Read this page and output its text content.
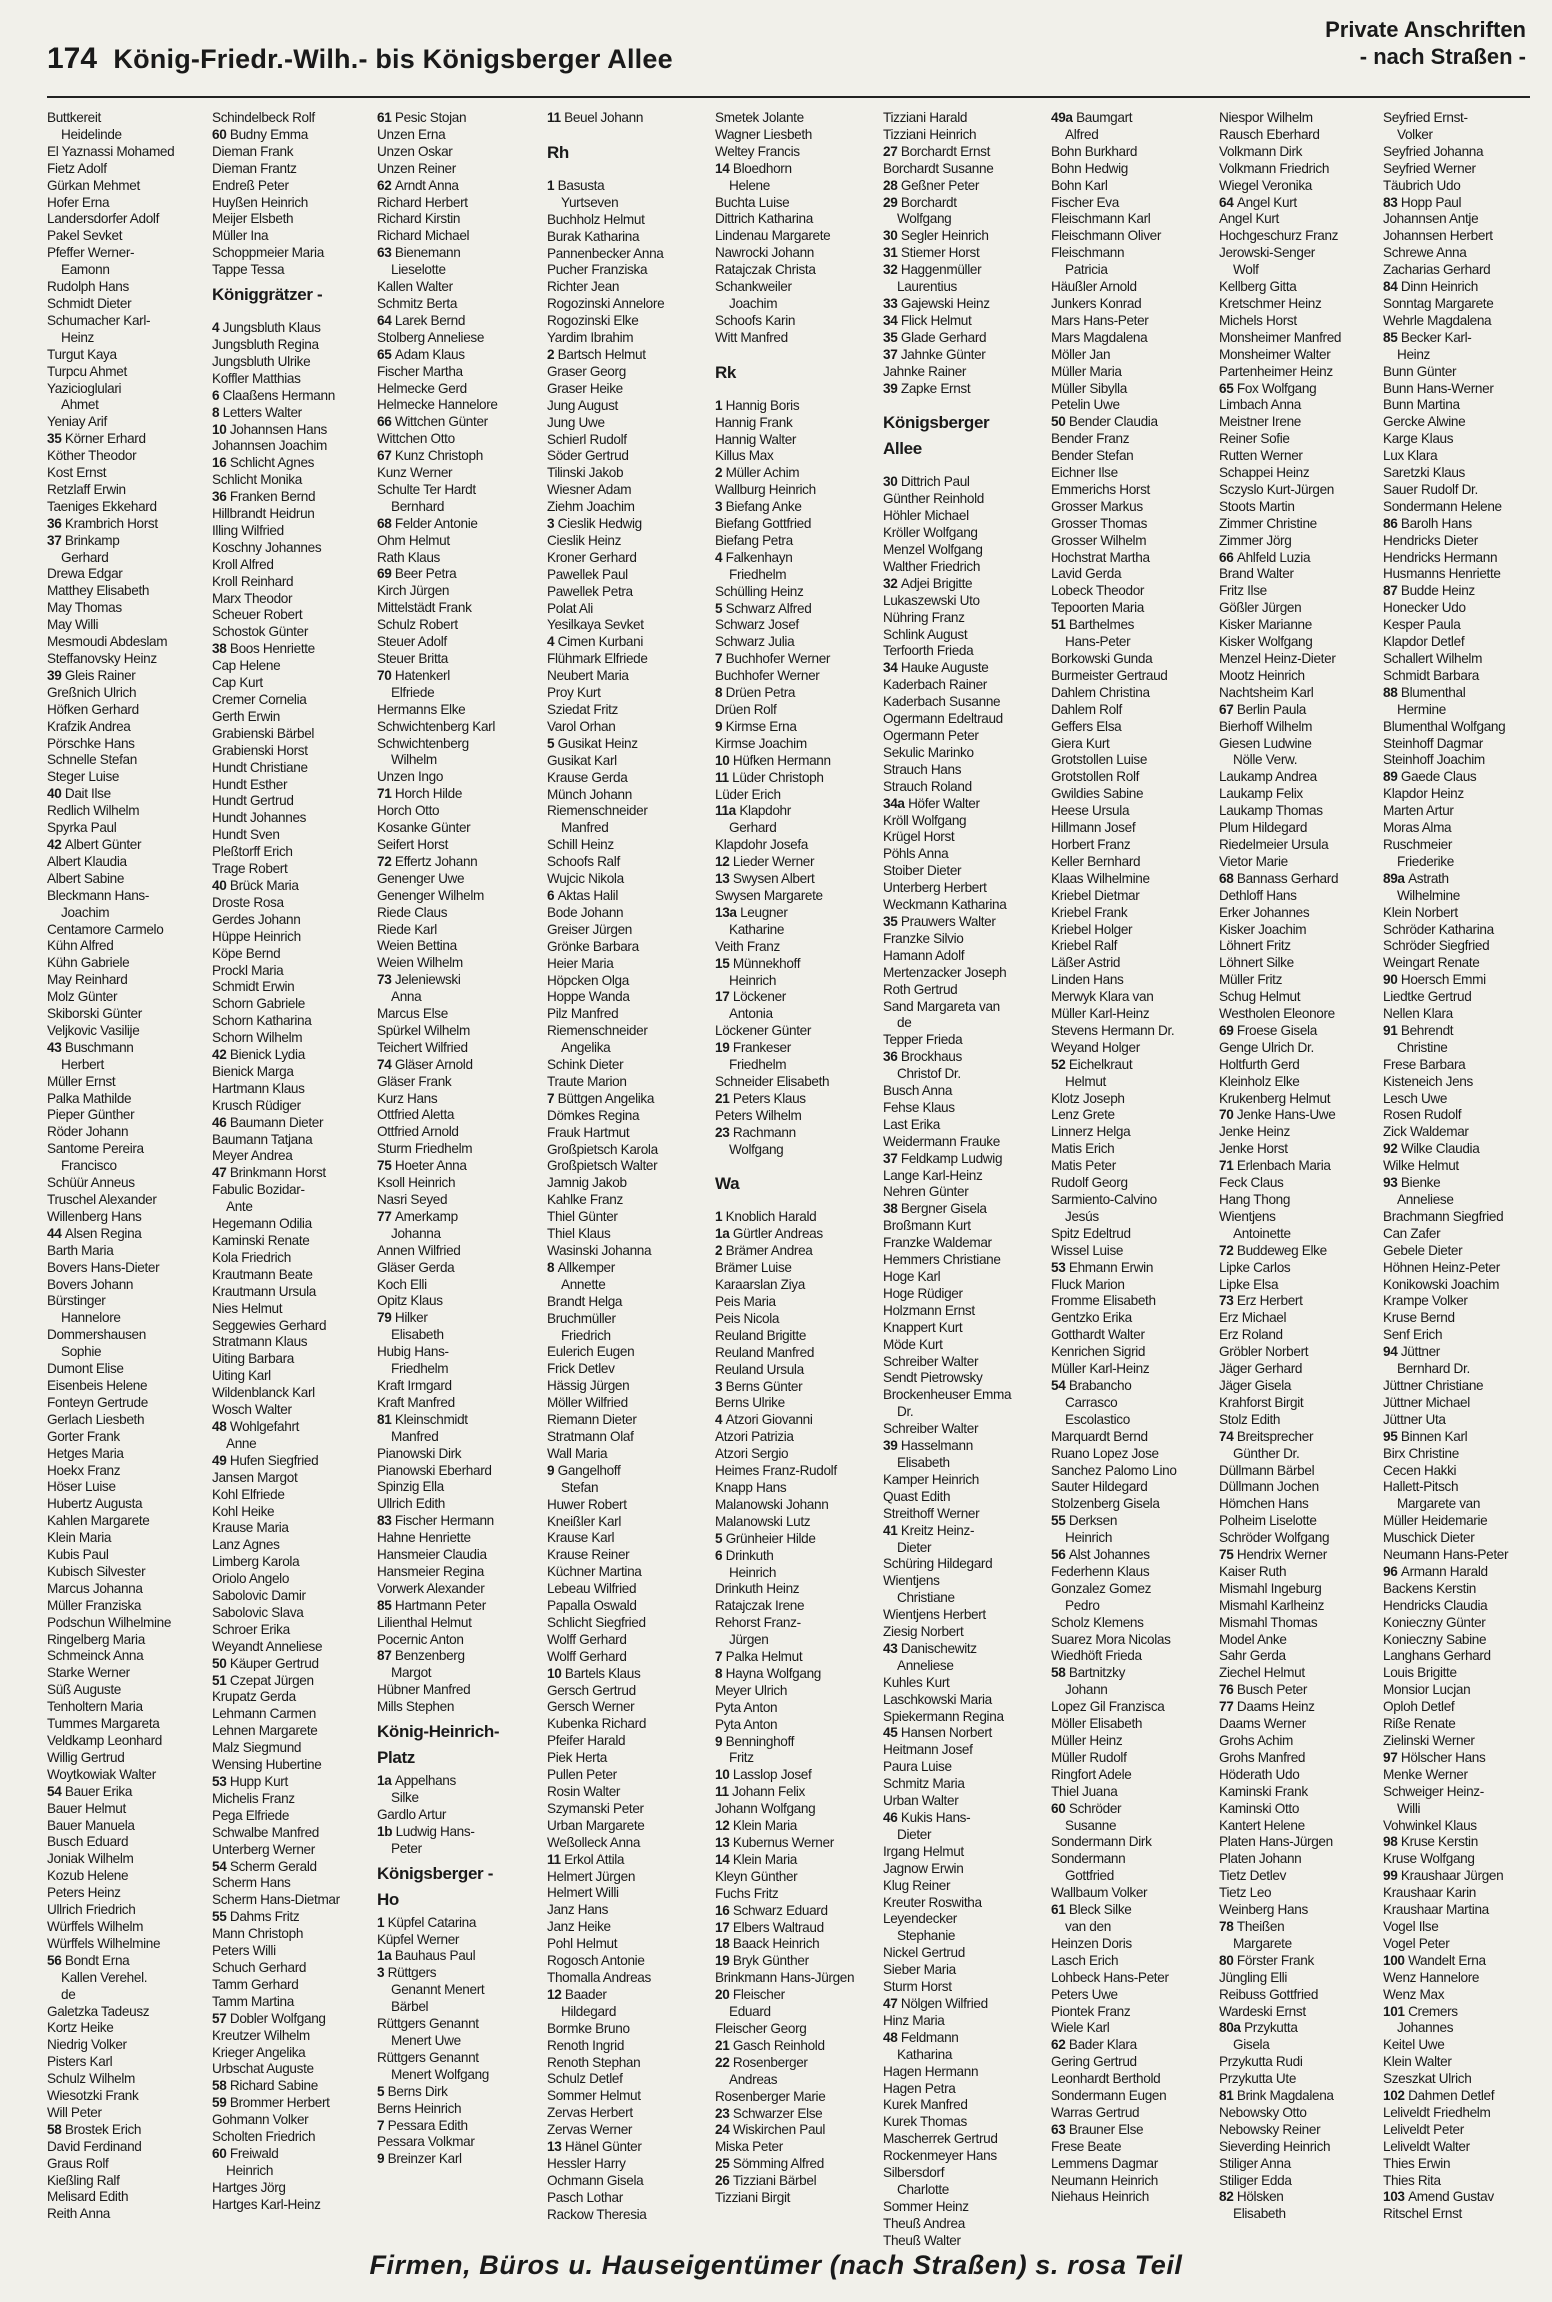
174 König-Friedr.-Wilh.- bis Königsberger Allee
Private Anschriften
- nach Straßen -
Buttkereit
Heidelinde
El Yaznassi Mohamed
Fietz Adolf
Gürkan Mehmet
Hofer Erna
Landersdorfer Adolf
Pakel Sevket
Pfeffer Werner-
Eamonn
Rudolph Hans
Schmidt Dieter
Schumacher Karl-
Heinz
Turgut Kaya
Turpcu Ahmet
Yazicioglulari
Ahmet
Yeniay Arif
35 Körner Erhard
Köther Theodor
Kost Ernst
Retzlaff Erwin
Taeniges Ekkehard
36 Krambrich Horst
37 Brinkamp
Gerhard
Drewa Edgar
Matthey Elisabeth
May Thomas
May Willi
Mesmoudi Abdeslam
Steffanovsky Heinz
39 Gleis Rainer
Greßnich Ulrich
Höfken Gerhard
Krafzik Andrea
Pörschke Hans
Schnelle Stefan
Steger Luise
40 Dait Ilse
Redlich Wilhelm
Spyrka Paul
42 Albert Günter
Albert Klaudia
Albert Sabine
Bleckmann Hans-
Joachim
Centamore Carmelo
Kühn Alfred
Kühn Gabriele
May Reinhard
Molz Günter
Skiborski Günter
Veljkovic Vasilije
43 Buschmann
Herbert
Müller Ernst
Palka Mathilde
Pieper Günther
Röder Johann
Santome Pereira
Francisco
Schüür Anneus
Truschel Alexander
Willenberg Hans
44 Alsen Regina
Barth Maria
Bovers Hans-Dieter
Bovers Johann
Bürstinger
Hannelore
Dommershausen
Sophie
Dumont Elise
Eisenbeis Helene
Fonteyn Gertrude
Gerlach Liesbeth
Gorter Frank
Hetges Maria
Hoekx Franz
Höser Luise
Hubertz Augusta
Kahlen Margarete
Klein Maria
Kubis Paul
Kubisch Silvester
Marcus Johanna
Müller Franziska
Podschun Wilhelmine
Ringelberg Maria
Schmeinck Anna
Starke Werner
Süß Auguste
Tenholtern Maria
Tummes Margareta
Veldkamp Leonhard
Willig Gertrud
Woytkowiak Walter
54 Bauer Erika
Bauer Helmut
Bauer Manuela
Busch Eduard
Joniak Wilhelm
Kozub Helene
Peters Heinz
Ullrich Friedrich
Würffels Wilhelm
Würffels Wilhelmine
56 Bondt Erna
Kallen Verehel.
de
Galetzka Tadeusz
Kortz Heike
Niedrig Volker
Pisters Karl
Schulz Wilhelm
Wiesotzki Frank
Will Peter
58 Brostek Erich
David Ferdinand
Graus Rolf
Kießling Ralf
Melisard Edith
Reith Anna
Schindelbeck Rolf
60 Budny Emma
Dieman Frank
Dieman Frantz
Endreß Peter
Huyßen Heinrich
Meijer Elsbeth
Müller Ina
Schoppmeier Maria
Tappe Tessa
Königgrätzer -
4 Jungsbluth Klaus
Jungsbluth Regina
Jungsbluth Ulrike
Koffler Matthias
6 Claaßens Hermann
8 Letters Walter
10 Johannsen Hans
Johannsen Joachim
16 Schlicht Agnes
Schlicht Monika
36 Franken Bernd
Hillbrandt Heidrun
Illing Wilfried
Koschny Johannes
Kroll Alfred
Kroll Reinhard
Marx Theodor
Scheuer Robert
Schostok Günter
38 Boos Henriette
Cap Helene
Cap Kurt
Cremer Cornelia
Gerth Erwin
Grabienski Bärbel
Grabienski Horst
Hundt Christiane
Hundt Esther
Hundt Gertrud
Hundt Johannes
Hundt Sven
Pleßtorff Erich
Trage Robert
40 Brück Maria
Droste Rosa
Gerdes Johann
Hüppe Heinrich
Köpe Bernd
Prockl Maria
Schmidt Erwin
Schorn Gabriele
Schorn Katharina
Schorn Wilhelm
42 Bienick Lydia
Bienick Marga
Hartmann Klaus
Krusch Rüdiger
46 Baumann Dieter
Baumann Tatjana
Meyer Andrea
47 Brinkmann Horst
Fabulic Bozidar-
Ante
Hegemann Odilia
Kaminski Renate
Kola Friedrich
Krautmann Beate
Krautmann Ursula
Nies Helmut
Seggewies Gerhard
Stratmann Klaus
Uiting Barbara
Uiting Karl
Wildenblanck Karl
Wosch Walter
48 Wohlgefahrt
Anne
49 Hufen Siegfried
Jansen Margot
Kohl Elfriede
Kohl Heike
Krause Maria
Lanz Agnes
Limberg Karola
Oriolo Angelo
Sabolovic Damir
Sabolovic Slava
Schroer Erika
Weyandt Anneliese
50 Käuper Gertrud
51 Czepat Jürgen
Krupatz Gerda
Lehmann Carmen
Lehnen Margarete
Malz Siegmund
Wensing Hubertine
53 Hupp Kurt
Michelis Franz
Pega Elfriede
Schwalbe Manfred
Unterberg Werner
54 Scherm Gerald
Scherm Hans
Scherm Hans-Dietmar
55 Dahms Fritz
Mann Christoph
Peters Willi
Schuch Gerhard
Tamm Gerhard
Tamm Martina
57 Dobler Wolfgang
Kreutzer Wilhelm
Krieger Angelika
Urbschat Auguste
58 Richard Sabine
59 Brommer Herbert
Gohmann Volker
Scholten Friedrich
60 Freiwald
Heinrich
Hartges Jörg
Hartges Karl-Heinz
61 Pesic Stojan
Unzen Erna
Unzen Oskar
Unzen Reiner
62 Arndt Anna
Richard Herbert
Richard Kirstin
Richard Michael
63 Bienemann
Lieselotte
Kallen Walter
Schmitz Berta
64 Larek Bernd
Stolberg Anneliese
65 Adam Klaus
Fischer Martha
Helmecke Gerd
Helmecke Hannelore
66 Wittchen Günter
Wittchen Otto
67 Kunz Christoph
Kunz Werner
Schulte Ter Hardt
Bernhard
68 Felder Antonie
Ohm Helmut
Rath Klaus
69 Beer Petra
Kirch Jürgen
Mittelstädt Frank
Schulz Robert
Steuer Adolf
Steuer Britta
70 Hatenkerl
Elfriede
Hermanns Elke
Schwichtenberg Karl
Schwichtenberg
Wilhelm
Unzen Ingo
71 Horch Hilde
Horch Otto
Kosanke Günter
Seifert Horst
72 Effertz Johann
Genenger Uwe
Genenger Wilhelm
Riede Claus
Riede Karl
Weien Bettina
Weien Wilhelm
73 Jeleniewski
Anna
Marcus Else
Spürkel Wilhelm
Teichert Wilfried
74 Gläser Arnold
Gläser Frank
Kurz Hans
Ottfried Aletta
Ottfried Arnold
Sturm Friedhelm
75 Hoeter Anna
Ksoll Heinrich
Nasri Seyed
77 Amerkamp
Johanna
Annen Wilfried
Gläser Gerda
Koch Elli
Opitz Klaus
79 Hilker
Elisabeth
Hubig Hans-
Friedhelm
Kraft Irmgard
Kraft Manfred
81 Kleinschmidt
Manfred
Pianowski Dirk
Pianowski Eberhard
Spinzig Ella
Ullrich Edith
83 Fischer Hermann
Hahne Henriette
Hansmeier Claudia
Hansmeier Regina
Vorwerk Alexander
85 Hartmann Peter
Lilienthal Helmut
Pocernic Anton
87 Benzenberg
Margot
Hübner Manfred
Mills Stephen
König-Heinrich-
Platz
1a Appelhans
Silke
Gardlo Artur
1b Ludwig Hans-
Peter
Königsberger -
Ho
1 Küpfel Catarina
Küpfel Werner
1a Bauhaus Paul
3 Rüttgers
Genannt Menert
Bärbel
Rüttgers Genannt
Menert Uwe
Rüttgers Genannt
Menert Wolfgang
5 Berns Dirk
Berns Heinrich
7 Pessara Edith
Pessara Volkmar
9 Breinzer Karl
11 Beuel Johann
Rh
1 Basusta
Yurtseven
Buchholz Helmut
Burak Katharina
Pannenbecker Anna
Pucher Franziska
Richter Jean
Rogozinski Annelore
Rogozinski Elke
Yardim Ibrahim
2 Bartsch Helmut
Graser Georg
Graser Heike
Jung August
Jung Uwe
Schierl Rudolf
Söder Gertrud
Tilinski Jakob
Wiesner Adam
Ziehm Joachim
3 Cieslik Hedwig
Cieslik Heinz
Kroner Gerhard
Pawellek Paul
Pawellek Petra
Polat Ali
Yesilkaya Sevket
4 Cimen Kurbani
Flühmark Elfriede
Neubert Maria
Proy Kurt
Sziedat Fritz
Varol Orhan
5 Gusikat Heinz
Gusikat Karl
Krause Gerda
Münch Johann
Riemenschneider
Manfred
Schill Heinz
Schoofs Ralf
Wujcic Nikola
6 Aktas Halil
Bode Johann
Greiser Jürgen
Grönke Barbara
Heier Maria
Höpcken Olga
Hoppe Wanda
Pilz Manfred
Riemenschneider
Angelika
Schink Dieter
Traute Marion
7 Büttgen Angelika
Dömkes Regina
Frauk Hartmut
Großpietsch Karola
Großpietsch Walter
Jamnig Jakob
Kahlke Franz
Thiel Günter
Thiel Klaus
Wasinski Johanna
8 Allkemper
Annette
Brandt Helga
Bruchmüller
Friedrich
Eulerich Eugen
Frick Detlev
Hässig Jürgen
Möller Wilfried
Riemann Dieter
Stratmann Olaf
Wall Maria
9 Gangelhoff
Stefan
Huwer Robert
Kneißler Karl
Krause Karl
Krause Reiner
Küchner Martina
Lebeau Wilfried
Papalla Oswald
Schlicht Siegfried
Wolff Gerhard
Wolff Gerhard
10 Bartels Klaus
Gersch Gertrud
Gersch Werner
Kubenka Richard
Pfeifer Harald
Piek Herta
Pullen Peter
Rosin Walter
Szymanski Peter
Urban Margarete
Weßolleck Anna
11 Erkol Attila
Helmert Jürgen
Helmert Willi
Janz Hans
Janz Heike
Pohl Helmut
Rogosch Antonie
Thomalla Andreas
12 Baader
Hildegard
Bormke Bruno
Renoth Ingrid
Renoth Stephan
Schulz Detlef
Sommer Helmut
Zervas Herbert
Zervas Werner
13 Hänel Günter
Hessler Harry
Ochmann Gisela
Pasch Lothar
Rackow Theresia
Smetek Jolante
Wagner Liesbeth
Weltey Francis
14 Bloedhorn
Helene
Buchta Luise
Dittrich Katharina
Lindenau Margarete
Nawrocki Johann
Ratajczak Christa
Schankweiler
Joachim
Schoofs Karin
Witt Manfred
Rk
1 Hannig Boris
Hannig Frank
Hannig Walter
Killus Max
2 Müller Achim
Wallburg Heinrich
3 Biefang Anke
Biefang Gottfried
Biefang Petra
4 Falkenhayn
Friedhelm
Schülling Heinz
5 Schwarz Alfred
Schwarz Josef
Schwarz Julia
7 Buchhofer Werner
Buchhofer Werner
8 Drüen Petra
Drüen Rolf
9 Kirmse Erna
Kirmse Joachim
10 Hüfken Hermann
11 Lüder Christoph
Lüder Erich
11a Klapdohr
Gerhard
Klapdohr Josefa
12 Lieder Werner
13 Swysen Albert
Swysen Margarete
13a Leugner
Katharine
Veith Franz
15 Münnekhoff
Heinrich
17 Löckener
Antonia
Löckener Günter
19 Frankeser
Friedhelm
Schneider Elisabeth
21 Peters Klaus
Peters Wilhelm
23 Rachmann
Wolfgang
Wa
1 Knoblich Harald
1a Gürtler Andreas
2 Brämer Andrea
Brämer Luise
Karaarslan Ziya
Peis Maria
Peis Nicola
Reuland Brigitte
Reuland Manfred
Reuland Ursula
3 Berns Günter
Berns Ulrike
4 Atzori Giovanni
Atzori Patrizia
Atzori Sergio
Heimes Franz-Rudolf
Knapp Hans
Malanowski Johann
Malanowski Lutz
5 Grünheier Hilde
6 Drinkuth
Heinrich
Drinkuth Heinz
Ratajczak Irene
Rehorst Franz-
Jürgen
7 Palka Helmut
8 Hayna Wolfgang
Meyer Ulrich
Pyta Anton
Pyta Anton
9 Benninghoff
Fritz
10 Lasslop Josef
11 Johann Felix
Johann Wolfgang
12 Klein Maria
13 Kubernus Werner
14 Klein Maria
Kleyn Günther
Fuchs Fritz
16 Schwarz Eduard
17 Elbers Waltraud
18 Baack Heinrich
19 Bryk Günther
Brinkmann Hans-Jürgen
20 Fleischer
Eduard
Fleischer Georg
21 Gasch Reinhold
22 Rosenberger
Andreas
Rosenberger Marie
23 Schwarzer Else
24 Wiskirchen Paul
Miska Peter
25 Sömming Alfred
26 Tizziani Bärbel
Tizziani Birgit
Tizziani Harald
Tizziani Heinrich
27 Borchardt Ernst
Borchardt Susanne
28 Geßner Peter
29 Borchardt
Wolfgang
30 Segler Heinrich
31 Stiemer Horst
32 Haggenmüller
Laurentius
33 Gajewski Heinz
34 Flick Helmut
35 Glade Gerhard
37 Jahnke Günter
Jahnke Rainer
39 Zapke Ernst
Königsberger
Allee
30 Dittrich Paul
Günther Reinhold
Höhler Michael
Kröller Wolfgang
Menzel Wolfgang
Walther Friedrich
32 Adjei Brigitte
Lukaszewski Uto
Nühring Franz
Schlink August
Terfoorth Frieda
34 Hauke Auguste
Kaderbach Rainer
Kaderbach Susanne
Ogermann Edeltraud
Ogermann Peter
Sekulic Marinko
Strauch Hans
Strauch Roland
34a Höfer Walter
Kröll Wolfgang
Krügel Horst
Pöhls Anna
Stoiber Dieter
Unterberg Herbert
Weckmann Katharina
35 Prauwers Walter
Franzke Silvio
Hamann Adolf
Mertenzacker Joseph
Roth Gertrud
Sand Margareta van
de
Tepper Frieda
36 Brockhaus
Christof Dr.
Busch Anna
Fehse Klaus
Last Erika
Weidermann Frauke
37 Feldkamp Ludwig
Lange Karl-Heinz
Nehren Günter
38 Bergner Gisela
Broßmann Kurt
Franzke Waldemar
Hemmers Christiane
Hoge Karl
Hoge Rüdiger
Holzmann Ernst
Knappert Kurt
Möde Kurt
Schreiber Walter
Sendt Pietrowsky
Brockenheuser Emma
Dr.
Schreiber Walter
39 Hasselmann
Elisabeth
Kamper Heinrich
Quast Edith
Streithoff Werner
41 Kreitz Heinz-
Dieter
Schüring Hildegard
Wientjens
Christiane
Wientjens Herbert
Ziesig Norbert
43 Danischewitz
Anneliese
Kuhles Kurt
Laschkowski Maria
Spiekermann Regina
45 Hansen Norbert
Heitmann Josef
Paura Luise
Schmitz Maria
Urban Walter
46 Kukis Hans-
Dieter
Irgang Helmut
Jagnow Erwin
Klug Reiner
Kreuter Roswitha
Leyendecker
Stephanie
Nickel Gertrud
Sieber Maria
Sturm Horst
47 Nölgen Wilfried
Hinz Maria
48 Feldmann
Katharina
Hagen Hermann
Hagen Petra
Kurek Manfred
Kurek Thomas
Mascherrek Gertrud
Rockenmeyer Hans
Silbersdorf
Charlotte
Sommer Heinz
Theuß Andrea
Theuß Walter
49a Baumgart
Alfred
Bohn Burkhard
Bohn Hedwig
Bohn Karl
Fischer Eva
Fleischmann Karl
Fleischmann Oliver
Fleischmann
Patricia
Häußler Arnold
Junkers Konrad
Mars Hans-Peter
Mars Magdalena
Möller Jan
Müller Maria
Müller Sibylla
Petelin Uwe
50 Bender Claudia
Bender Franz
Bender Stefan
Eichner Ilse
Emmerichs Horst
Grosser Markus
Grosser Thomas
Grosser Wilhelm
Hochstrat Martha
Lavid Gerda
Lobeck Theodor
Tepoorten Maria
51 Barthelmes
Hans-Peter
Borkowski Gunda
Burmeister Gertraud
Dahlem Christina
Dahlem Rolf
Geffers Elsa
Giera Kurt
Grotstollen Luise
Grotstollen Rolf
Gwildies Sabine
Heese Ursula
Hillmann Josef
Horbert Franz
Keller Bernhard
Klaas Wilhelmine
Kriebel Dietmar
Kriebel Frank
Kriebel Holger
Kriebel Ralf
Läßer Astrid
Linden Hans
Merwyk Klara van
Müller Karl-Heinz
Stevens Hermann Dr.
Weyand Holger
52 Eichelkraut
Helmut
Klotz Joseph
Lenz Grete
Linnerz Helga
Matis Erich
Matis Peter
Rudolf Georg
Sarmiento-Calvino
Jesús
Spitz Edeltrud
Wissel Luise
53 Ehmann Erwin
Fluck Marion
Fromme Elisabeth
Gentzko Erika
Gotthardt Walter
Kenrichen Sigrid
Müller Karl-Heinz
54 Brabancho
Carrasco
Escolastico
Marquardt Bernd
Ruano Lopez Jose
Sanchez Palomo Lino
Sauter Hildegard
Stolzenberg Gisela
55 Derksen
Heinrich
56 Alst Johannes
Federhenn Klaus
Gonzalez Gomez
Pedro
Scholz Klemens
Suarez Mora Nicolas
Wiedhöft Frieda
58 Bartnitzky
Johann
Lopez Gil Franzisca
Möller Elisabeth
Müller Heinz
Müller Rudolf
Ringfort Adele
Thiel Juana
60 Schröder
Susanne
Sondermann Dirk
Sondermann
Gottfried
Wallbaum Volker
61 Bleck Silke
van den
Heinzen Doris
Lasch Erich
Lohbeck Hans-Peter
Peters Uwe
Piontek Franz
Wiele Karl
62 Bader Klara
Gering Gertrud
Leonhardt Berthold
Sondermann Eugen
Warras Gertrud
63 Brauner Else
Frese Beate
Lemmens Dagmar
Neumann Heinrich
Niehaus Heinrich
Niespor Wilhelm
Rausch Eberhard
Volkmann Dirk
Volkmann Friedrich
Wiegel Veronika
64 Angel Kurt
Angel Kurt
Hochgeschurz Franz
Jerowski-Senger
Wolf
Kellberg Gitta
Kretschmer Heinz
Michels Horst
Monsheimer Manfred
Monsheimer Walter
Partenheimer Heinz
65 Fox Wolfgang
Limbach Anna
Meistner Irene
Reiner Sofie
Rutten Werner
Schappei Heinz
Sczyslo Kurt-Jürgen
Stoots Martin
Zimmer Christine
Zimmer Jörg
66 Ahlfeld Luzia
Brand Walter
Fritz Ilse
Gößler Jürgen
Kisker Marianne
Kisker Wolfgang
Menzel Heinz-Dieter
Mootz Heinrich
Nachtsheim Karl
67 Berlin Paula
Bierhoff Wilhelm
Giesen Ludwine
Nölle Verw.
Laukamp Andrea
Laukamp Felix
Laukamp Thomas
Plum Hildegard
Riedelmeier Ursula
Vietor Marie
68 Bannass Gerhard
Dethloff Hans
Erker Johannes
Kisker Joachim
Löhnert Fritz
Löhnert Silke
Müller Fritz
Schug Helmut
Westholen Eleonore
69 Froese Gisela
Genge Ulrich Dr.
Holtfurth Gerd
Kleinholz Elke
Krukenberg Helmut
70 Jenke Hans-Uwe
Jenke Heinz
Jenke Horst
71 Erlenbach Maria
Feck Claus
Hang Thong
Wientjens
Antoinette
72 Buddeweg Elke
Lipke Carlos
Lipke Elsa
73 Erz Herbert
Erz Michael
Erz Roland
Gröbler Norbert
Jäger Gerhard
Jäger Gisela
Krahforst Birgit
Stolz Edith
74 Breitsprecher
Günther Dr.
Düllmann Bärbel
Düllmann Jochen
Hömchen Hans
Polheim Liselotte
Schröder Wolfgang
75 Hendrix Werner
Kaiser Ruth
Mismahl Ingeburg
Mismahl Karlheinz
Mismahl Thomas
Model Anke
Sahr Gerda
Ziechel Helmut
76 Busch Peter
77 Daams Heinz
Daams Werner
Grohs Achim
Grohs Manfred
Höderath Udo
Kaminski Frank
Kaminski Otto
Kantert Helene
Platen Hans-Jürgen
Platen Johann
Tietz Detlev
Tietz Leo
Weinberg Hans
78 Theißen
Margarete
80 Förster Frank
Jüngling Elli
Reibuss Gottfried
Wardeski Ernst
80a Przykutta
Gisela
Przykutta Rudi
Przykutta Ute
81 Brink Magdalena
Nebowsky Otto
Nebowsky Reiner
Sieverding Heinrich
Stiliger Anna
Stiliger Edda
82 Hölsken
Elisabeth
Seyfried Ernst-
Volker
Seyfried Johanna
Seyfried Werner
Täubrich Udo
83 Hopp Paul
Johannsen Antje
Johannsen Herbert
Schrewe Anna
Zacharias Gerhard
84 Dinn Heinrich
Sonntag Margarete
Wehrle Magdalena
85 Becker Karl-
Heinz
Bunn Günter
Bunn Hans-Werner
Bunn Martina
Gercke Alwine
Karge Klaus
Lux Klara
Saretzki Klaus
Sauer Rudolf Dr.
Sondermann Helene
86 Barolh Hans
Hendricks Dieter
Hendricks Hermann
Husmanns Henriette
87 Budde Heinz
Honecker Udo
Kesper Paula
Klapdor Detlef
Schallert Wilhelm
Schmidt Barbara
88 Blumenthal
Hermine
Blumenthal Wolfgang
Steinhoff Dagmar
Steinhoff Joachim
89 Gaede Claus
Klapdor Heinz
Marten Artur
Moras Alma
Ruschmeier
Friederike
89a Astrath
Wilhelmine
Klein Norbert
Schröder Katharina
Schröder Siegfried
Weingart Renate
90 Hoersch Emmi
Liedtke Gertrud
Nellen Klara
91 Behrendt
Christine
Frese Barbara
Kisteneich Jens
Lesch Uwe
Rosen Rudolf
Zick Waldemar
92 Wilke Claudia
Wilke Helmut
93 Bienke
Anneliese
Brachmann Siegfried
Can Zafer
Gebele Dieter
Höhnen Heinz-Peter
Konikowski Joachim
Krampe Volker
Kruse Bernd
Senf Erich
94 Jüttner
Bernhard Dr.
Jüttner Christiane
Jüttner Michael
Jüttner Uta
95 Binnen Karl
Birx Christine
Cecen Hakki
Hallett-Pitsch
Margarete van
Müller Heidemarie
Muschick Dieter
Neumann Hans-Peter
96 Armann Harald
Backens Kerstin
Hendricks Claudia
Konieczny Günter
Konieczny Sabine
Langhans Gerhard
Louis Brigitte
Monsior Lucjan
Oploh Detlef
Riße Renate
Zielinski Werner
97 Hölscher Hans
Menke Werner
Schweiger Heinz-
Willi
Vohwinkel Klaus
98 Kruse Kerstin
Kruse Wolfgang
99 Kraushaar Jürgen
Kraushaar Karin
Kraushaar Martina
Vogel Ilse
Vogel Peter
100 Wandelt Erna
Wenz Hannelore
Wenz Max
101 Cremers
Johannes
Keitel Uwe
Klein Walter
Szeszkat Ulrich
102 Dahmen Detlef
Leliveldt Friedhelm
Leliveldt Peter
Leliveldt Walter
Thies Erwin
Thies Rita
103 Amend Gustav
Ritschel Ernst
Firmen, Büros u. Hauseigentümer (nach Straßen) s. rosa Teil
